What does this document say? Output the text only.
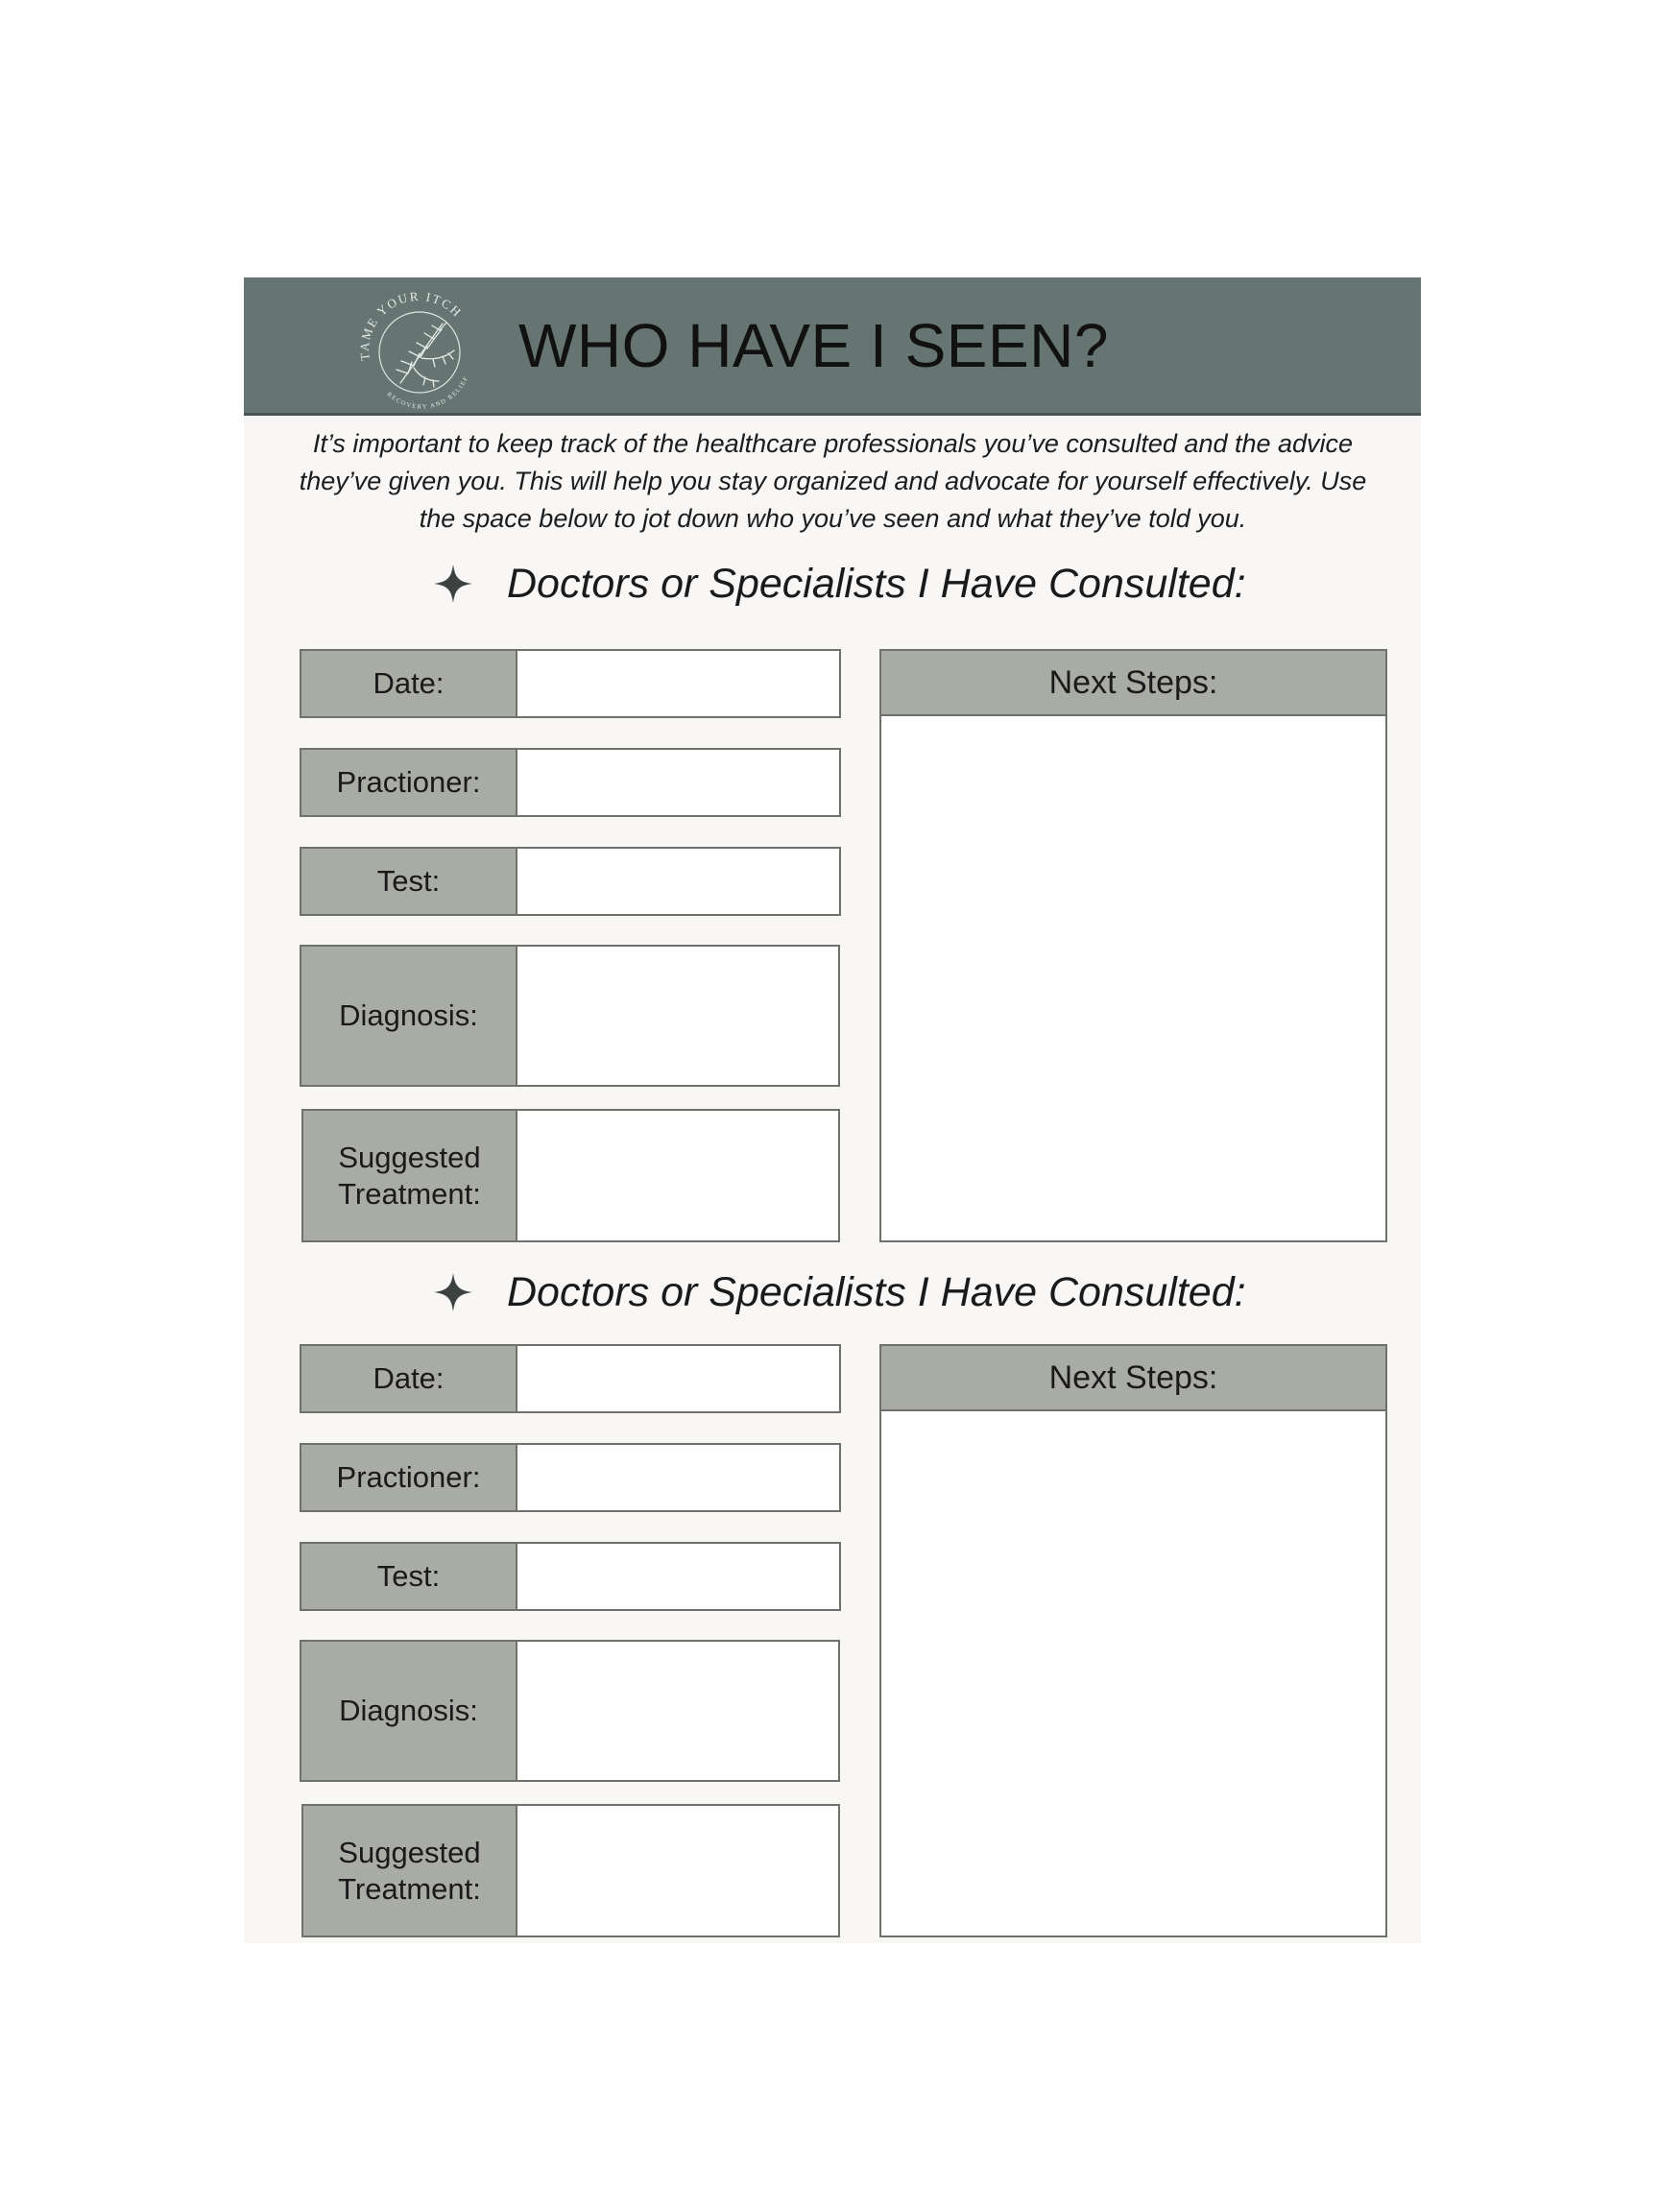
TAME YOUR ITCH
RECOVERY AND RELIEF WHO HAVE I SEEN?
It’s important to keep track of the healthcare professionals you’ve consulted and the advice they’ve given you. This will help you stay organized and advocate for yourself effectively. Use the space below to jot down who you’ve seen and what they’ve told you.
Doctors or Specialists I Have Consulted:
Date:
Practioner:
Test:
Diagnosis:
Suggested Treatment:
Next Steps:
Doctors or Specialists I Have Consulted:
Date:
Practioner:
Test:
Diagnosis:
Suggested Treatment:
Next Steps:
